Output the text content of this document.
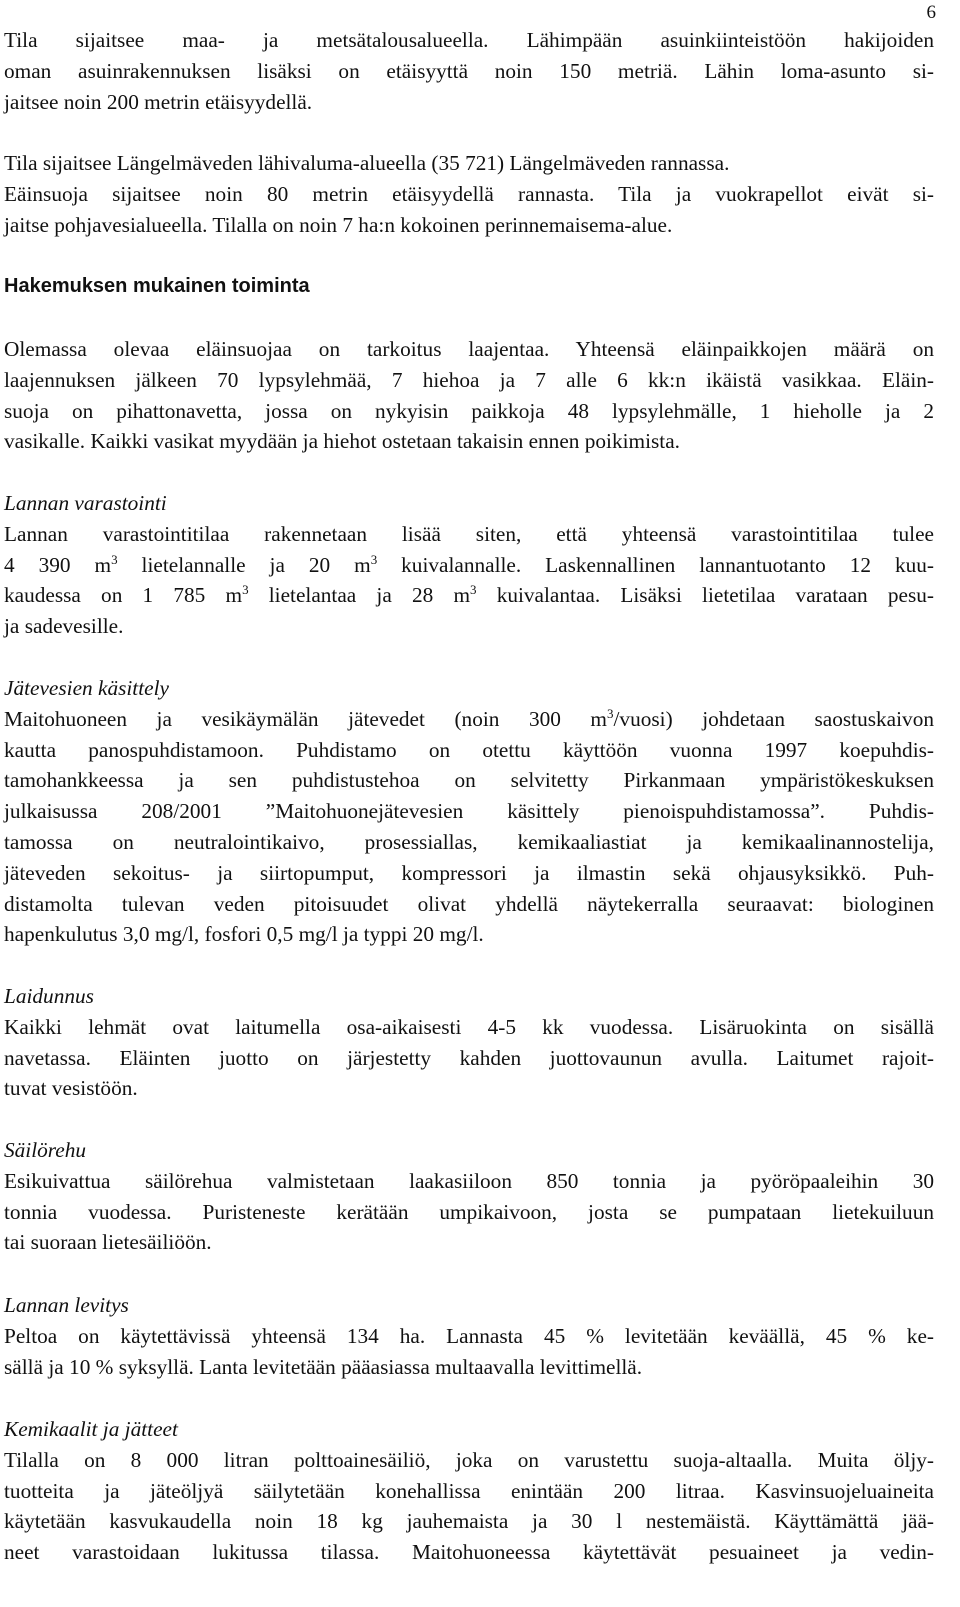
6
Tila sijaitsee maa- ja metsätalousalueella. Lähimpään asuinkiinteistöön hakijoiden
oman asuinrakennuksen lisäksi on etäisyyttä noin 150 metriä. Lähin loma-asunto si-
jaitsee noin 200 metrin etäisyydellä.
Tila sijaitsee Längelmäveden lähivaluma-alueella (35 721) Längelmäveden rannassa.
Eäinsuoja sijaitsee noin 80 metrin etäisyydellä rannasta. Tila ja vuokrapellot eivät si-
jaitse pohjavesialueella. Tilalla on noin 7 ha:n kokoinen perinnemaisema-alue.
Hakemuksen mukainen toiminta
Olemassa olevaa eläinsuojaa on tarkoitus laajentaa. Yhteensä eläinpaikkojen määrä on
laajennuksen jälkeen 70 lypsylehmää, 7 hiehoa ja 7 alle 6 kk:n ikäistä vasikkaa. Eläin-
suoja on pihattonavetta, jossa on nykyisin paikkoja 48 lypsylehmälle, 1 hieholle ja 2
vasikalle. Kaikki vasikat myydään ja hiehot ostetaan takaisin ennen poikimista.
Lannan varastointi
Lannan varastointitilaa rakennetaan lisää siten, että yhteensä varastointitilaa tulee
4 390 $m^3$ lietelannalle ja 20 $m^3$ kuivalannalle. Laskennallinen lannantuotanto 12 kuu-
kaudessa on 1 785 $m^3$ lietelantaa ja 28 $m^3$ kuivalantaa. Lisäksi lietetilaa varataan pesu-
ja sadevesille.
Jätevesien käsittely
Maitohuoneen ja vesikäymälän jätevedet (noin 300 $m^3/vuosi$) johdetaan saostuskaivon
kautta panospuhdistamoon. Puhdistamo on otettu käyttöön vuonna 1997 koepuhdis-
tamohankkeessa ja sen puhdistustehoa on selvitetty Pirkanmaan ympäristökeskuksen
julkaisussa 208/2001 ”Maitohuonejätevesien käsittely pienoispuhdistamossa”. Puhdis-
tamossa on neutralointikaivo, prosessiallas, kemikaaliastiat ja kemikaalinannostelija,
jäteveden sekoitus- ja siirtopumput, kompressori ja ilmastin sekä ohjausyksikkö. Puh-
distamolta tulevan veden pitoisuudet olivat yhdellä näytekerralla seuraavat: biologinen
hapenkulutus 3,0 mg/l, fosfori 0,5 mg/l ja typpi 20 mg/l.
Laidunnus
Kaikki lehmät ovat laitumella osa-aikaisesti 4-5 kk vuodessa. Lisäruokinta on sisällä
navetassa. Eläinten juotto on järjestetty kahden juottovaunun avulla. Laitumet rajoit-
tuvat vesistöön.
Säilörehu
Esikuivattua säilörehua valmistetaan laakasiiloon 850 tonnia ja pyöröpaaleihin 30
tonnia vuodessa. Puristeneste kerätään umpikaivoon, josta se pumpataan lietekuiluun
tai suoraan lietesäiliöön.
Lannan levitys
Peltoa on käytettävissä yhteensä 134 ha. Lannasta 45 % levitetään keväällä, 45 % ke-
sällä ja 10 % syksyllä. Lanta levitetään pääasiassa multaavalla levittimellä.
Kemikaalit ja jätteet
Tilalla on 8 000 litran polttoainesäiliö, joka on varustettu suoja-altaalla. Muita öljy-
tuotteita ja jäteöljyä säilytetään konehallissa enintään 200 litraa. Kasvinsuojeluaineita
käytetään kasvukaudella noin 18 kg jauhemaista ja 30 l nestemäistä. Käyttämättä jää-
neet varastoidaan lukitussa tilassa. Maitohuoneessa käytettävät pesuaineet ja vedin-
